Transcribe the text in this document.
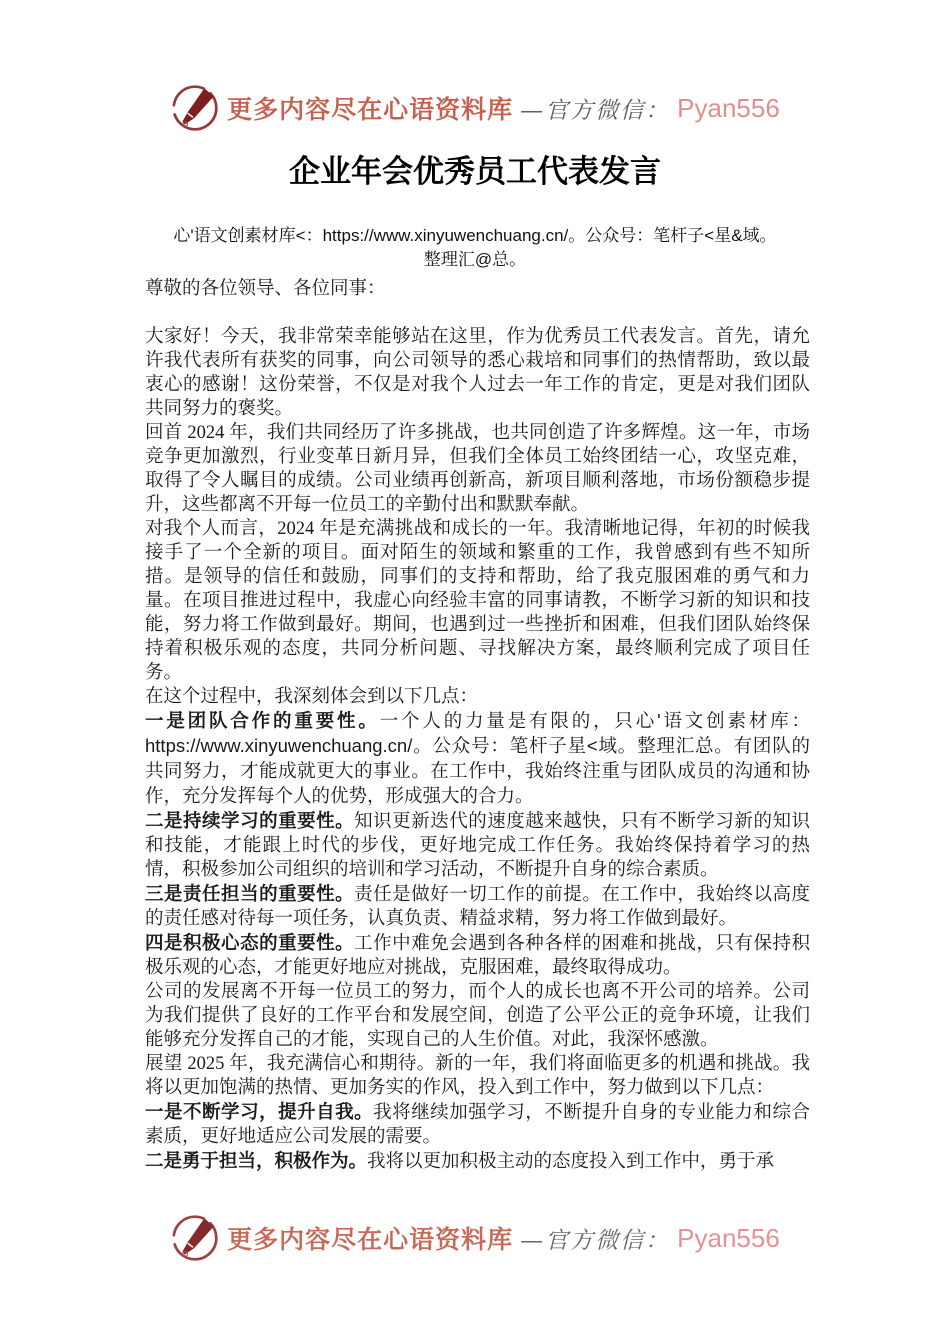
更多内容尽在心语资料库 —官方微信： Pyan556
企业年会优秀员工代表发言
心'语文创素材库<：https://www.xinyuwenchuang.cn/。公众号：笔杆子<星&域。
整理汇@总。

尊敬的各位领导、各位同事：

大家好！今天，我非常荣幸能够站在这里，作为优秀员工代表发言。首先，请允许我代表所有获奖的同事，向公司领导的悉心栽培和同事们的热情帮助，致以最衷心的感谢！这份荣誉，不仅是对我个人过去一年工作的肯定，更是对我们团队共同努力的褒奖。

回首 2024 年，我们共同经历了许多挑战，也共同创造了许多辉煌。这一年，市场竞争更加激烈，行业变革日新月异，但我们全体员工始终团结一心，攻坚克难，取得了令人瞩目的成绩。公司业绩再创新高，新项目顺利落地，市场份额稳步提升，这些都离不开每一位员工的辛勤付出和默默奉献。

对我个人而言，2024 年是充满挑战和成长的一年。我清晰地记得，年初的时候我接手了一个全新的项目。面对陌生的领域和繁重的工作，我曾感到有些不知所措。是领导的信任和鼓励，同事们的支持和帮助，给了我克服困难的勇气和力量。在项目推进过程中，我虚心向经验丰富的同事请教，不断学习新的知识和技能，努力将工作做到最好。期间，也遇到过一些挫折和困难，但我们团队始终保持着积极乐观的态度，共同分析问题、寻找解决方案，最终顺利完成了项目任务。

在这个过程中，我深刻体会到以下几点：

一是团队合作的重要性。一个人的力量是有限的，只心'语文创素材库：https://www.xinyuwenchuang.cn/。公众号：笔杆子星<域。整理汇总。有团队的共同努力，才能成就更大的事业。在工作中，我始终注重与团队成员的沟通和协作，充分发挥每个人的优势，形成强大的合力。

二是持续学习的重要性。知识更新迭代的速度越来越快，只有不断学习新的知识和技能，才能跟上时代的步伐，更好地完成工作任务。我始终保持着学习的热情，积极参加公司组织的培训和学习活动，不断提升自身的综合素质。

三是责任担当的重要性。责任是做好一切工作的前提。在工作中，我始终以高度的责任感对待每一项任务，认真负责、精益求精，努力将工作做到最好。

四是积极心态的重要性。工作中难免会遇到各种各样的困难和挑战，只有保持积极乐观的心态，才能更好地应对挑战，克服困难，最终取得成功。

公司的发展离不开每一位员工的努力，而个人的成长也离不开公司的培养。公司为我们提供了良好的工作平台和发展空间，创造了公平公正的竞争环境，让我们能够充分发挥自己的才能，实现自己的人生价值。对此，我深怀感激。

展望 2025 年，我充满信心和期待。新的一年，我们将面临更多的机遇和挑战。我将以更加饱满的热情、更加务实的作风，投入到工作中，努力做到以下几点：

一是不断学习，提升自我。我将继续加强学习，不断提升自身的专业能力和综合素质，更好地适应公司发展的需要。

二是勇于担当，积极作为。我将以更加积极主动的态度投入到工作中，勇于承

更多内容尽在心语资料库 —官方微信： Pyan556
